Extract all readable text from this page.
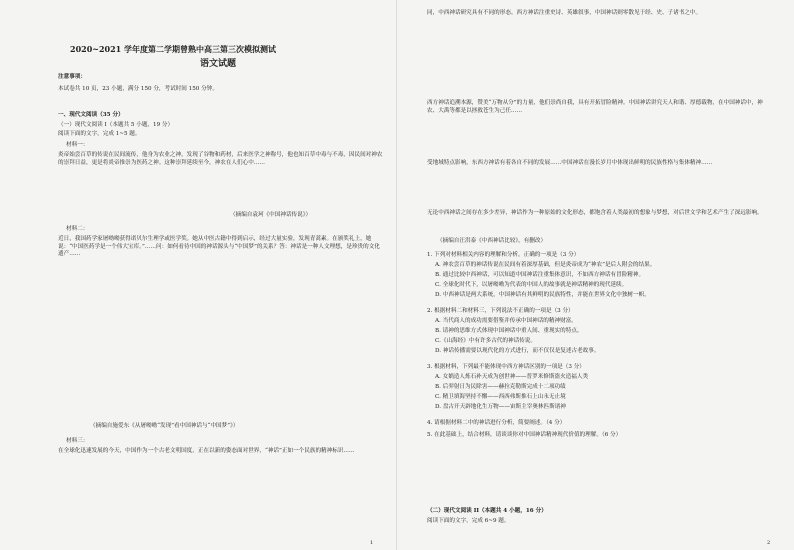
2020~2021 学年度第二学期曾熟中高三第三次模拟测试
语文试题
注意事项：
本试卷共 10 页，23 小题，满分 150 分，考试时间 150 分钟。
一、现代文阅读（35 分）
（一）现代文阅读 I（本题共 5 小题，19 分）
阅读下面的文字，完成 1~5 题。
材料一：
炎帝始尝百草的传说在民间流传，他身为农业之神，发现了谷物和药材，后来医学之神称号，他也知百草中毒与不毒，因民间对神农的崇拜日益，更是将炎帝推崇为医药之神。这种崇拜延续至今，神农在人们心中……
（摘编自袁珂《中国神话传说》）
材料二：
近日，我国药学家屠呦呦获得诺贝尔生理学或医学奖。她从中医古籍中得到启示，经过大量实验，发现青蒿素。在颁奖礼上，她说：“中国医药学是一个伟大宝库。”……问：如何看待中国的神话源头与“中国梦”的关系？答：神话是一种人文理想，是珍贵的文化遗产……
（摘编自施爱东《从屠呦呦“发现”看中国神话与“中国梦”》）
材料三：
在全球化迅速发展的今天，中国作为一个古老文明国度，正在以新的姿态面对世界，“神话”正如一个民族的精神标识……
1
同，中西神话研究具有不同的形态。西方神话注重史诗、英雄叙事，中国神话则零散见于经、史、子诸书之中。
西方神话追溯本源，赞美“万物从分”的力量，他们崇尚自我，具有开拓冒险精神。中国神话讲究天人和谐、厚德载物，在中国神话中，神农、大禹等都是以拯救苍生为己任……
受地域特点影响，东西方神话有着各自不同的发展……中国神话在漫长岁月中体现出鲜明的民族性格与集体精神……
无论中西神话之间存在多少差异，神话作为一种原始的文化形态，都饱含着人类最初的想象与梦想，对后世文学和艺术产生了深远影响。
（摘编自汪洪泰《中西神话比较》，有删改）
1. 下列对材料相关内容的理解和分析，正确的一项是（3 分）
A. 神农尝百草的神话传说在民间有着深厚基础，但是炎帝成为“神农”是后人附会的结果。
B. 通过比较中西神话，可以知道中国神话注重集体意识，不如西方神话有冒险精神。
C. 全球化时代下，以屠呦呦为代表的中国人的故事就是神话精神的现代延续。
D. 中西神话是两大系统，中国神话有其鲜明的民族特性，并能在世界文化中独树一帜。
2. 根据材料二和材料三，下列说法不正确的一项是（3 分）
A. 当代商人的成功需要借鉴并传承中国神话的精神财富。
B. 请神的思维方式体现中国神话中重人间、重现实的特点。
C.《山海经》中有许多古代的神话传说。
D. 神话传播需要以现代化的方式进行，而不仅仅是复述古老故事。
3. 根据材料，下列最不能体现中西方神话区别的一项是（3 分）
A. 女娲造人炼石补天成为创世神——普罗米修斯盗火造福人类
B. 后羿射日为民除害——赫拉克勒斯完成十二项功绩
C. 精卫填海坚持不懈——西西弗斯推石上山永无止境
D. 盘古开天辟地化生万物——宙斯主宰奥林匹斯诸神
4. 请根据材料二中的神话进行分析，简要阐述。（4 分）
5. 在此基础上，结合材料，请谈谈你对中国神话精神现代价值的理解。（6 分）
（二）现代文阅读 II（本题共 4 小题，16 分）
阅读下面的文字，完成 6~9 题。
2
